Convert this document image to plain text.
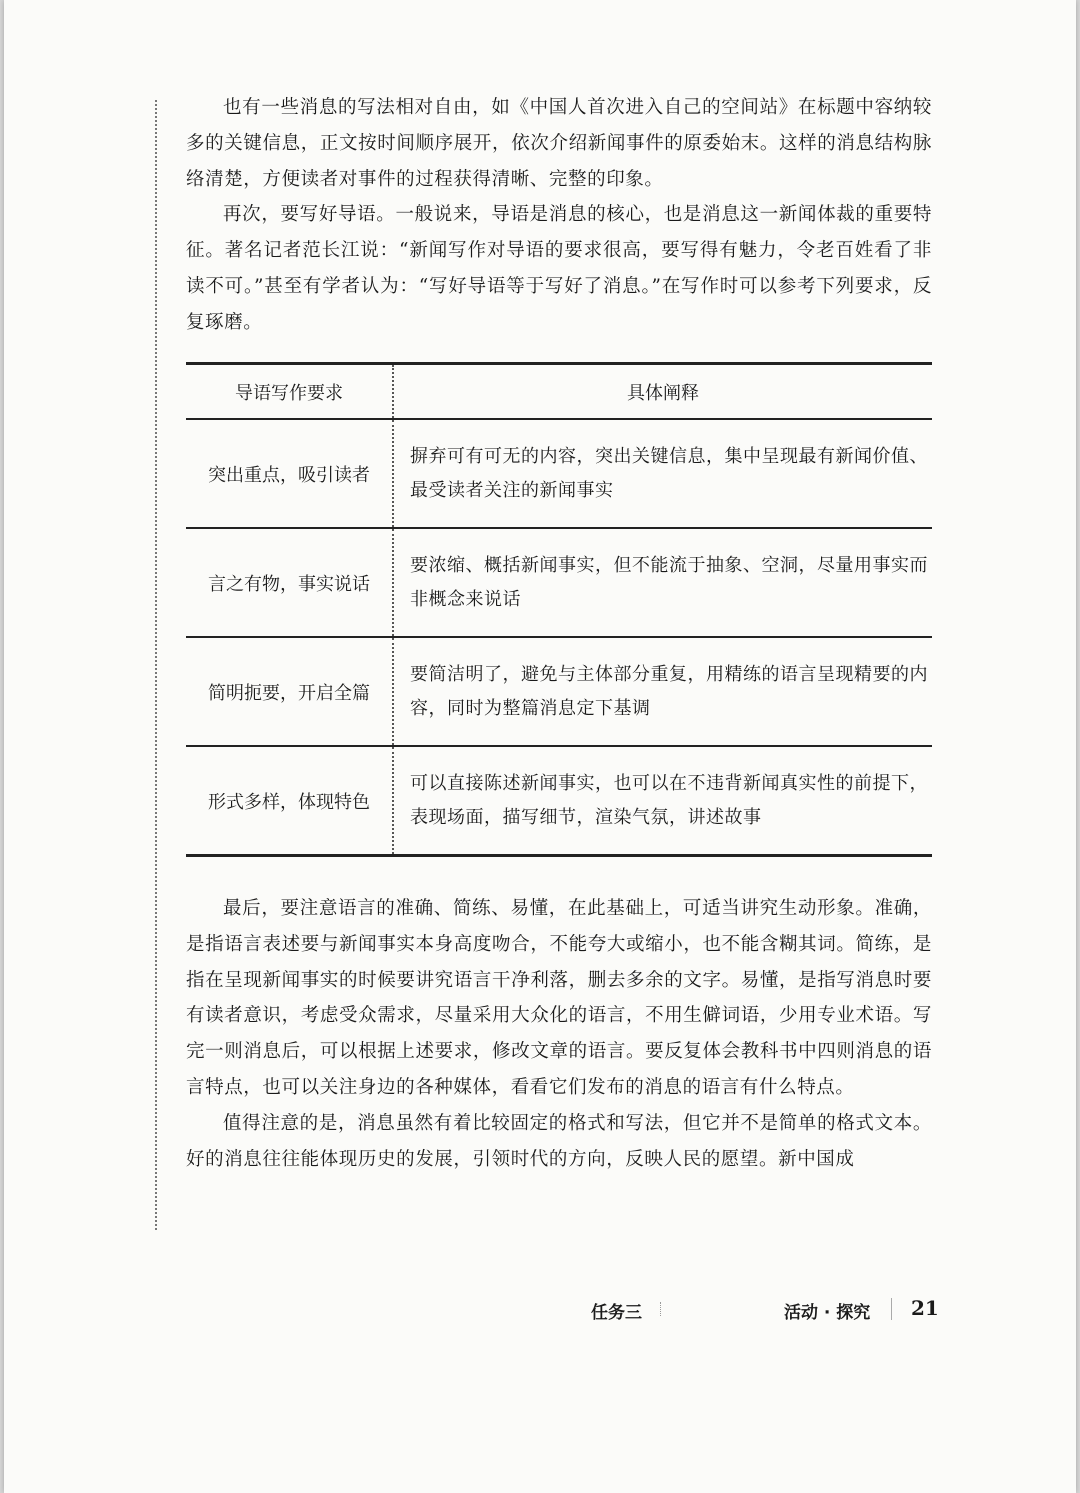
也有一些消息的写法相对自由，如《中国人首次进入自己的空间站》在标题中容纳较多的关键信息，正文按时间顺序展开，依次介绍新闻事件的原委始末。这样的消息结构脉络清楚，方便读者对事件的过程获得清晰、完整的印象。

再次，要写好导语。一般说来，导语是消息的核心，也是消息这一新闻体裁的重要特征。著名记者范长江说：“新闻写作对导语的要求很高，要写得有魅力，令老百姓看了非读不可。”甚至有学者认为：“写好导语等于写好了消息。”在写作时可以参考下列要求，反复琢磨。

导语写作要求	具体阐释
突出重点，吸引读者	摒弃可有可无的内容，突出关键信息，集中呈现最有新闻价值、最受读者关注的新闻事实
言之有物，事实说话	要浓缩、概括新闻事实，但不能流于抽象、空洞，尽量用事实而非概念来说话
简明扼要，开启全篇	要简洁明了，避免与主体部分重复，用精练的语言呈现精要的内容，同时为整篇消息定下基调
形式多样，体现特色	可以直接陈述新闻事实，也可以在不违背新闻真实性的前提下，表现场面，描写细节，渲染气氛，讲述故事

最后，要注意语言的准确、简练、易懂，在此基础上，可适当讲究生动形象。准确，是指语言表述要与新闻事实本身高度吻合，不能夸大或缩小，也不能含糊其词。简练，是指在呈现新闻事实的时候要讲究语言干净利落，删去多余的文字。易懂，是指写消息时要有读者意识，考虑受众需求，尽量采用大众化的语言，不用生僻词语，少用专业术语。写完一则消息后，可以根据上述要求，修改文章的语言。要反复体会教科书中四则消息的语言特点，也可以关注身边的各种媒体，看看它们发布的消息的语言有什么特点。

值得注意的是，消息虽然有着比较固定的格式和写法，但它并不是简单的格式文本。好的消息往往能体现历史的发展，引领时代的方向，反映人民的愿望。新中国成

任务三	活动 · 探究 21
